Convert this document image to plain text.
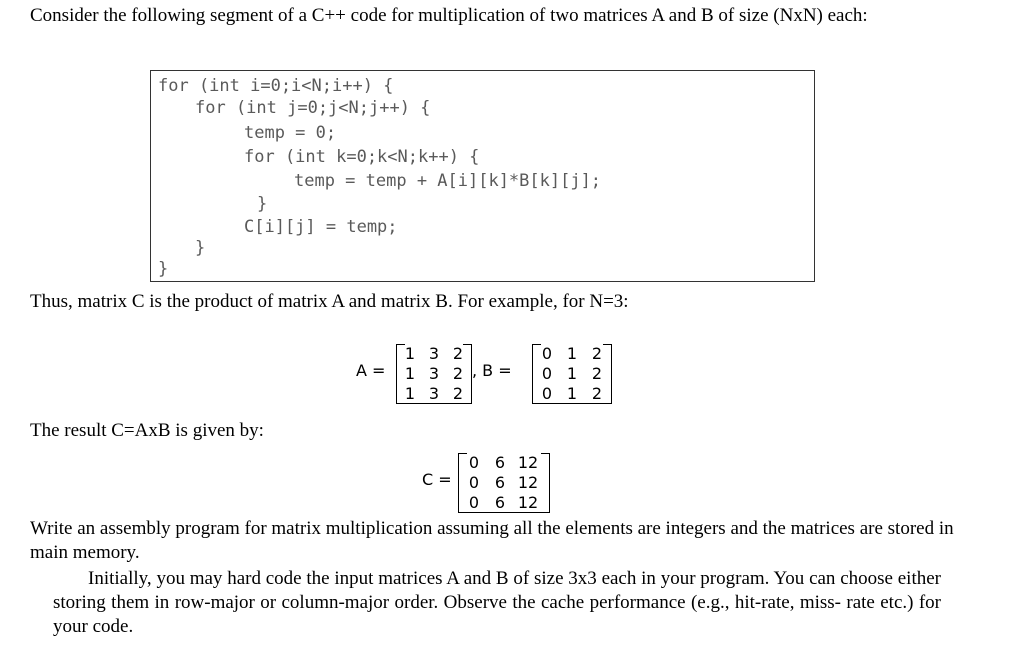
Consider the following segment of a C++ code for multiplication of two matrices A and B of size (NxN) each:

for (int i=0;i<N;i++) {
for (int j=0;j<N;j++) {
temp = 0;
for (int k=0;k<N;k++) {
temp = temp + A[i][k]*B[k][j];
}
C[i][j] = temp;
}
}

Thus, matrix C is the product of matrix A and matrix B. For example, for N=3:

A =
1 3 2
1 3 2
1 3 2
, B =
0 1 2
0 1 2
0 1 2

The result C=AxB is given by:

C =
0 6 12
0 6 12
0 6 12

Write an assembly program for matrix multiplication assuming all the elements are integers and the matrices are stored in main memory.

Initially, you may hard code the input matrices A and B of size 3x3 each in your program. You can choose either storing them in row-major or column-major order. Observe the cache performance (e.g., hit-rate, miss- rate etc.) for your code.
